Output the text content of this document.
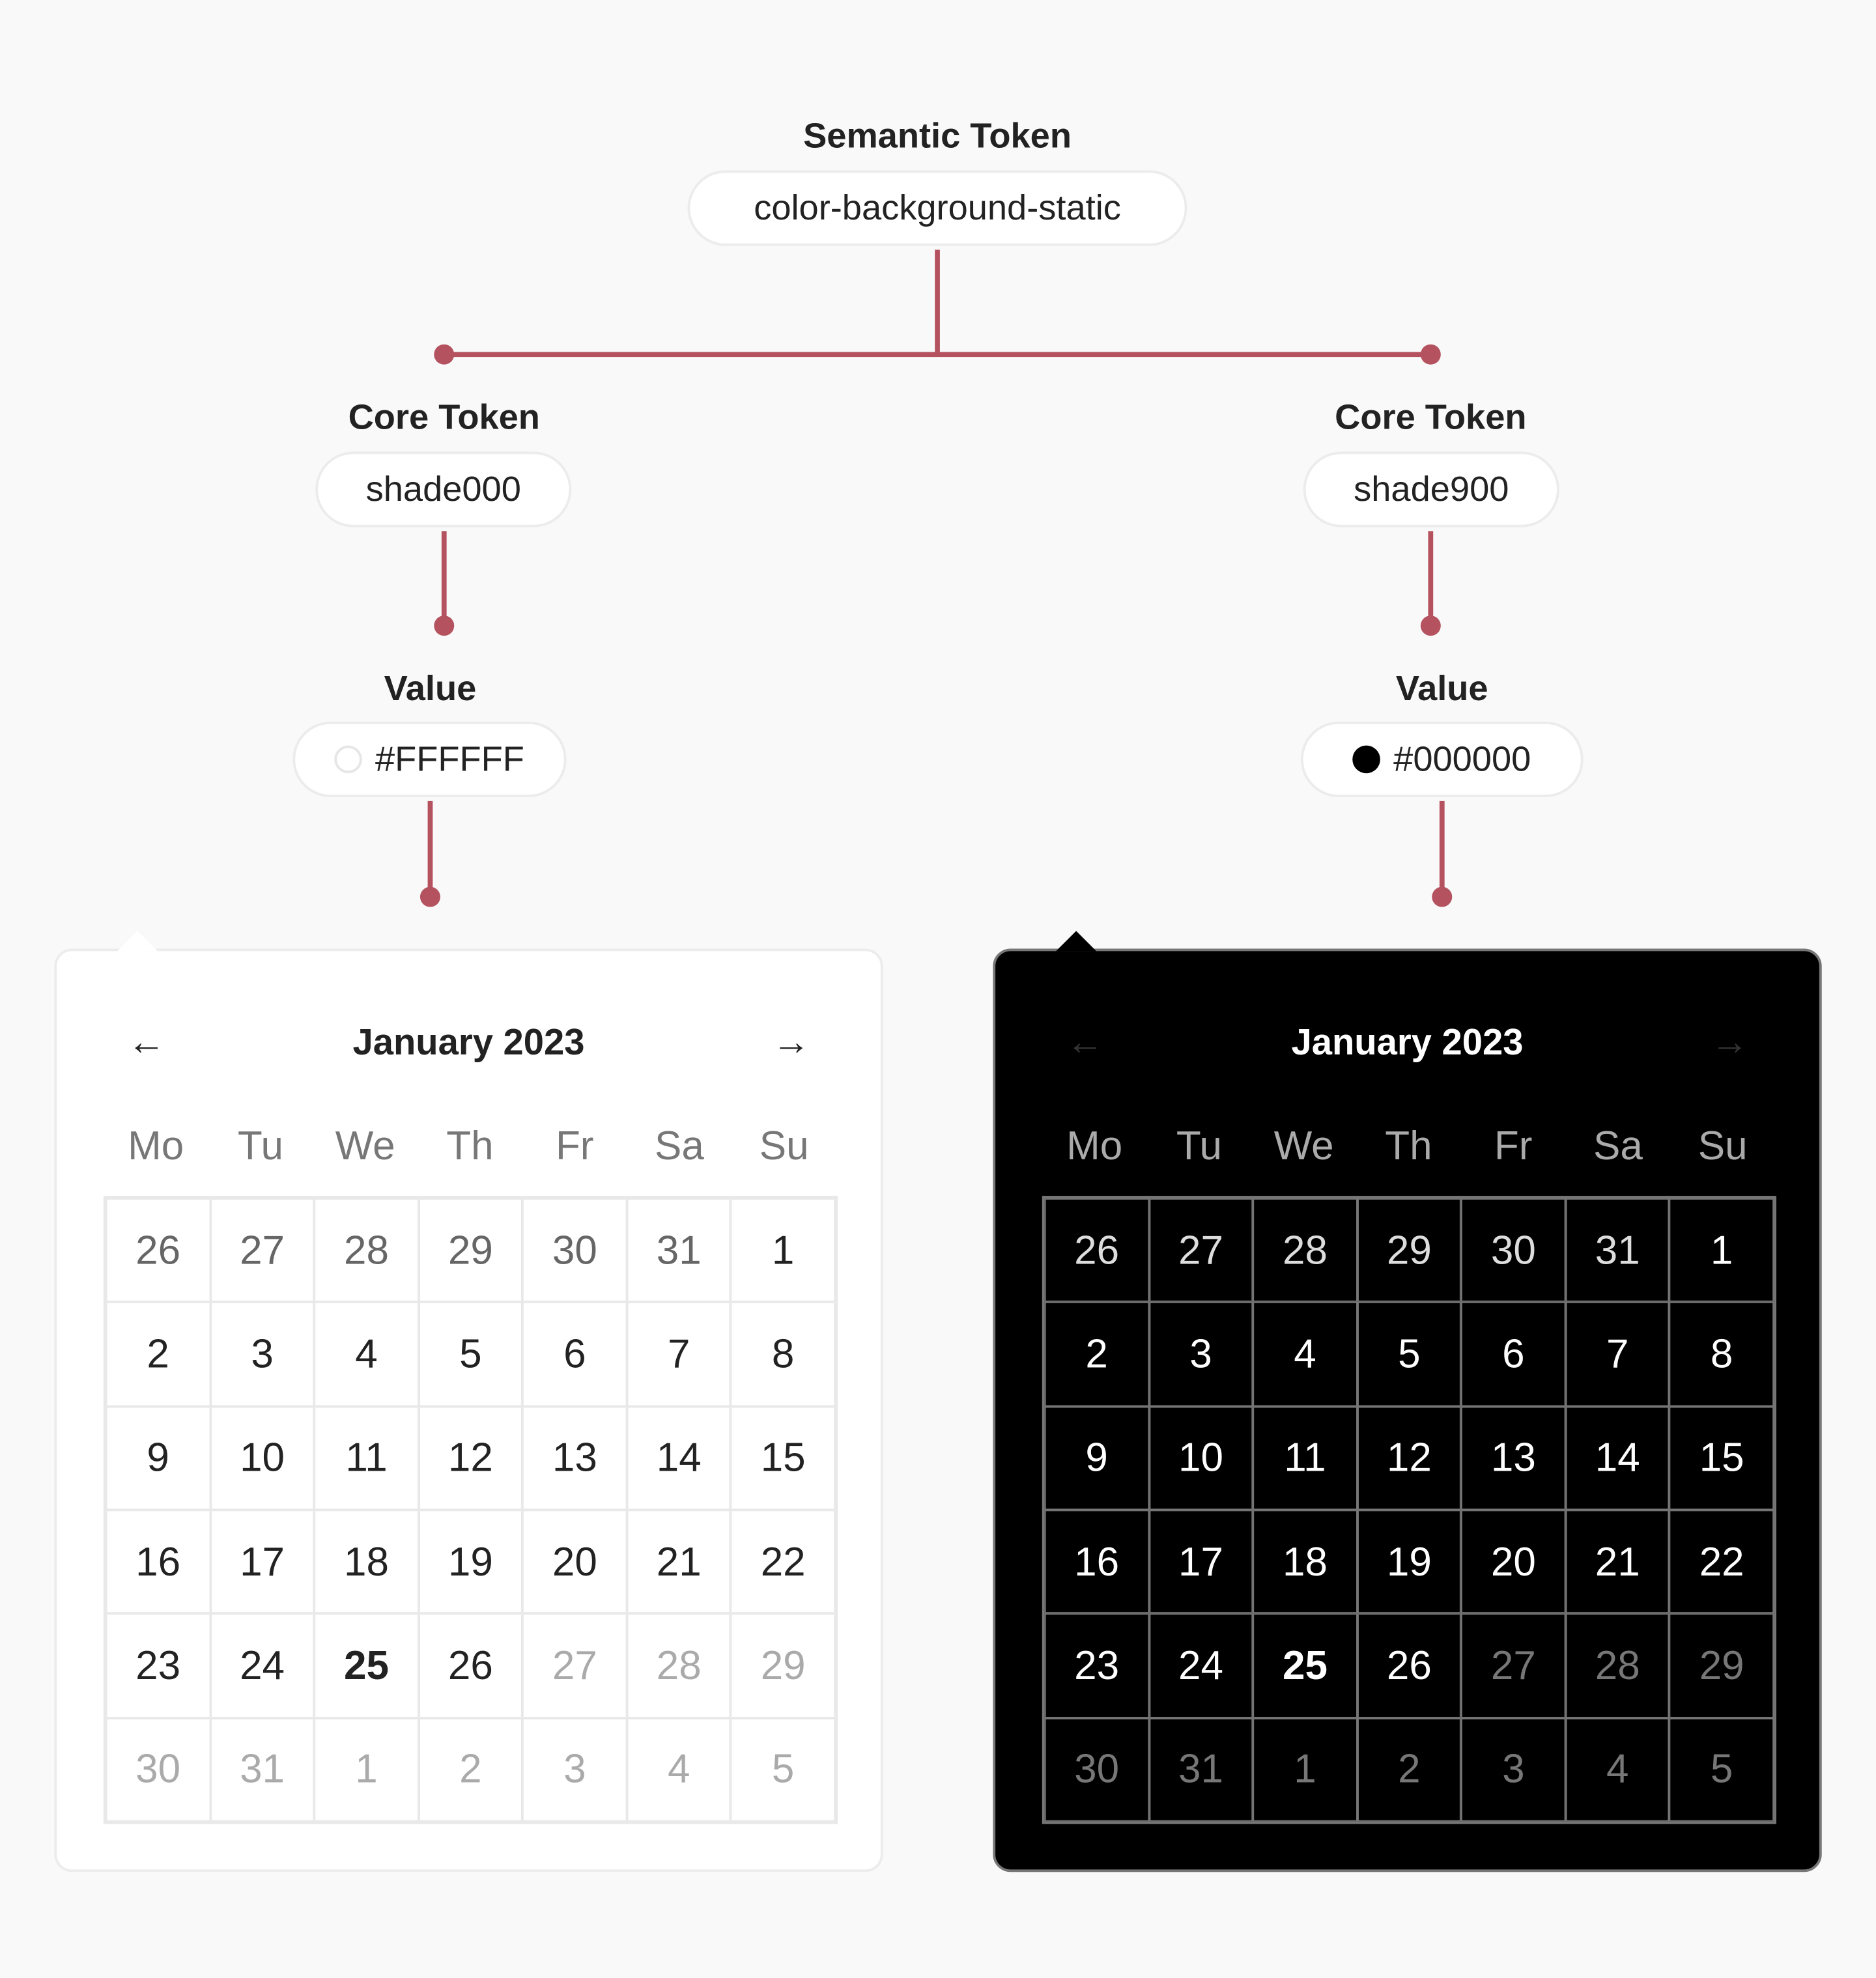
Semantic Token
color-background-static
Core Token
shade000
Value
#FFFFFF
Core Token
shade900
Value
#000000
January 2023
←	→
Mo	Tu	We	Th	Fr	Sa	Su
26	27	28	29	30	31	1
2	3	4	5	6	7	8
9	10	11	12	13	14	15
16	17	18	19	20	21	22
23	24	25	26	27	28	29
30	31	1	2	3	4	5
January 2023
←	→
Mo	Tu	We	Th	Fr	Sa	Su
26	27	28	29	30	31	1
2	3	4	5	6	7	8
9	10	11	12	13	14	15
16	17	18	19	20	21	22
23	24	25	26	27	28	29
30	31	1	2	3	4	5
